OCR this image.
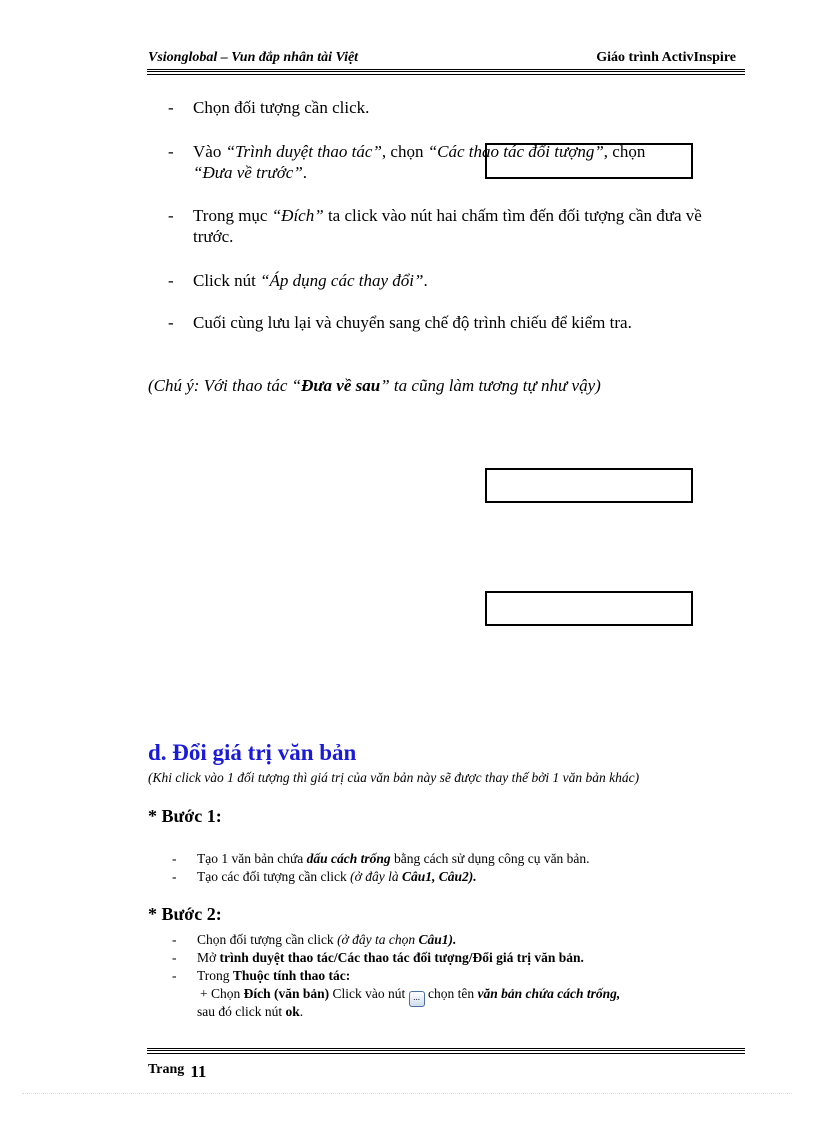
Vsionglobal – Vun đắp nhân tài Việt	Giáo trình ActivInspire
- Chọn đối tượng cần click.
- Vào “Trình duyệt thao tác”, chọn “Các thao tác đối tượng”, chọn
“Đưa về trước”.
- Trong mục “Đích” ta click vào nút hai chấm tìm đến đối tượng cần đưa về trước.
- Click nút “Áp dụng các thay đổi”.
- Cuối cùng lưu lại và chuyển sang chế độ trình chiếu để kiểm tra.
(Chú ý: Với thao tác “Đưa về sau” ta cũng làm tương tự như vậy)
d. Đổi giá trị văn bản
(Khi click vào 1 đối tượng thì giá trị của văn bản này sẽ được thay thế bởi 1 văn bản khác)
* Bước 1:
- Tạo 1 văn bản chứa dấu cách trống bằng cách sử dụng công cụ văn bản.
- Tạo các đối tượng cần click (ở đây là Câu1, Câu2).
* Bước 2:
- Chọn đối tượng cần click (ở đây ta chọn Câu1).
- Mở trình duyệt thao tác/Các thao tác đối tượng/Đổi giá trị văn bản.
- Trong Thuộc tính thao tác:
+ Chọn Đích (văn bản) Click vào nút ... chọn tên văn bản chứa cách trống,
sau đó click nút ok.
Trang 11
